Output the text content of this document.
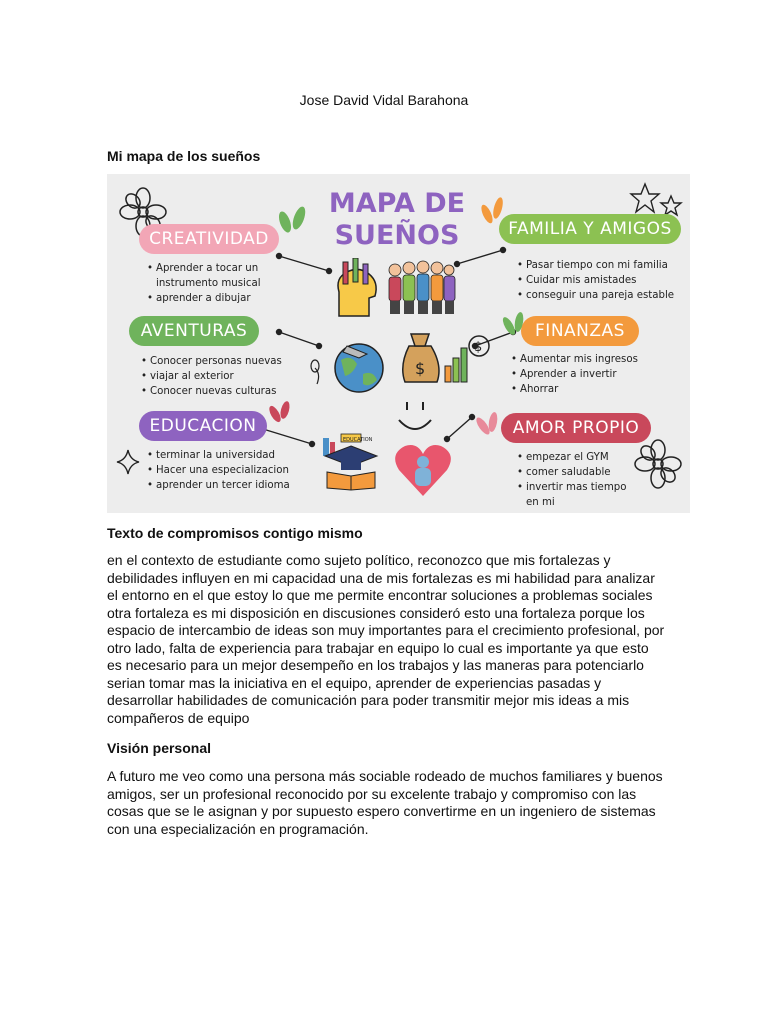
Jose David Vidal Barahona
Mi mapa de los sueños
MAPA DE
SUEÑOS
CREATIVIDAD	FAMILIA Y AMIGOS
AVENTURAS	FINANZAS
EDUCACION	AMOR PROPIO
• Aprender a tocar un
instrumento musical
• aprender a dibujar
• Pasar tiempo con mi familia
• Cuidar mis amistades
• conseguir una pareja estable
• Conocer personas nuevas
• viajar al exterior
• Conocer nuevas culturas
• Aumentar mis ingresos
• Aprender a invertir
• Ahorrar
• terminar la universidad
• Hacer una especializacion
• aprender un tercer idioma
• empezar el GYM
• comer saludable
• invertir mas tiempo
en mi
$
$
EDUCATION
Texto de compromisos contigo mismo

en el contexto de estudiante como sujeto político, reconozco que mis fortalezas y debilidades influyen en mi capacidad una de mis fortalezas es mi habilidad para analizar el entorno en el que estoy lo que me permite encontrar soluciones a problemas sociales otra fortaleza es mi disposición en discusiones consideró esto una fortaleza porque los espacio de intercambio de ideas son muy importantes para el crecimiento profesional, por otro lado, falta de experiencia para trabajar en equipo lo cual es importante ya que esto es necesario para un mejor desempeño en los trabajos y las maneras para potenciarlo serian tomar mas la iniciativa en el equipo, aprender de experiencias pasadas y desarrollar habilidades de comunicación para poder transmitir mejor mis ideas a mis compañeros de equipo

Visión personal

A futuro me veo como una persona más sociable rodeado de muchos familiares y buenos amigos, ser un profesional reconocido por su excelente trabajo y compromiso con las cosas que se le asignan y por supuesto espero convertirme en un ingeniero de sistemas con una especialización en programación.
